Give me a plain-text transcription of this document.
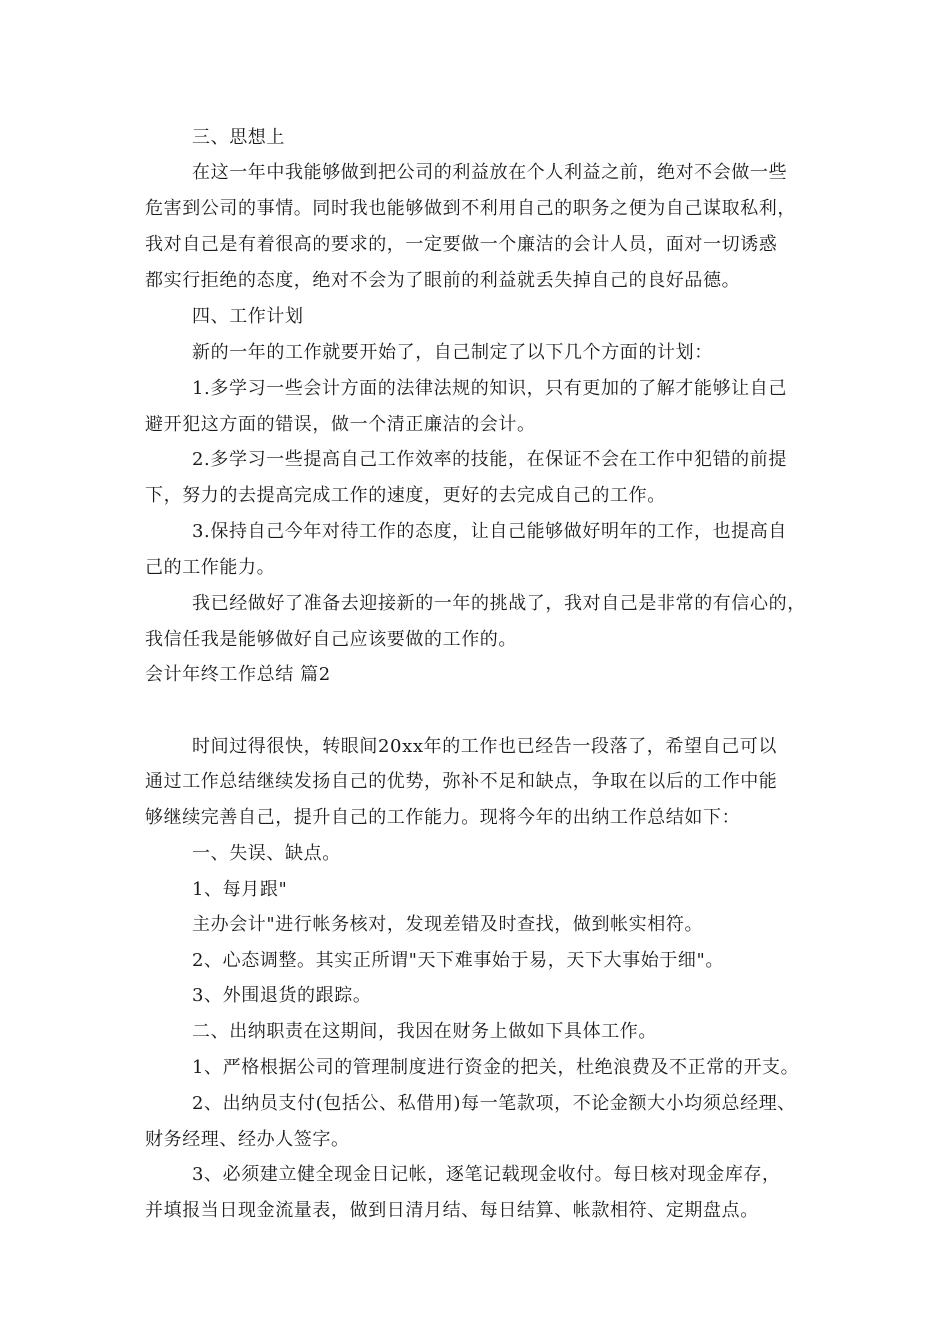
三、思想上
在这一年中我能够做到把公司的利益放在个人利益之前，绝对不会做一些
危害到公司的事情。同时我也能够做到不利用自己的职务之便为自己谋取私利，
我对自己是有着很高的要求的，一定要做一个廉洁的会计人员，面对一切诱惑
都实行拒绝的态度，绝对不会为了眼前的利益就丢失掉自己的良好品德。
四、工作计划
新的一年的工作就要开始了，自己制定了以下几个方面的计划：
1.多学习一些会计方面的法律法规的知识，只有更加的了解才能够让自己
避开犯这方面的错误，做一个清正廉洁的会计。
2.多学习一些提高自己工作效率的技能，在保证不会在工作中犯错的前提
下，努力的去提高完成工作的速度，更好的去完成自己的工作。
3.保持自己今年对待工作的态度，让自己能够做好明年的工作，也提高自
己的工作能力。
我已经做好了准备去迎接新的一年的挑战了，我对自己是非常的有信心的，
我信任我是能够做好自己应该要做的工作的。
会计年终工作总结 篇2
时间过得很快，转眼间20xx年的工作也已经告一段落了，希望自己可以
通过工作总结继续发扬自己的优势，弥补不足和缺点，争取在以后的工作中能
够继续完善自己，提升自己的工作能力。现将今年的出纳工作总结如下：
一、失误、缺点。
1、每月跟"
主办会计"进行帐务核对，发现差错及时查找，做到帐实相符。
2、心态调整。其实正所谓"天下难事始于易，天下大事始于细"。
3、外围退货的跟踪。
二、出纳职责在这期间，我因在财务上做如下具体工作。
1、严格根据公司的管理制度进行资金的把关，杜绝浪费及不正常的开支。
2、出纳员支付(包括公、私借用)每一笔款项，不论金额大小均须总经理、
财务经理、经办人签字。
3、必须建立健全现金日记帐，逐笔记载现金收付。每日核对现金库存，
并填报当日现金流量表，做到日清月结、每日结算、帐款相符、定期盘点。
